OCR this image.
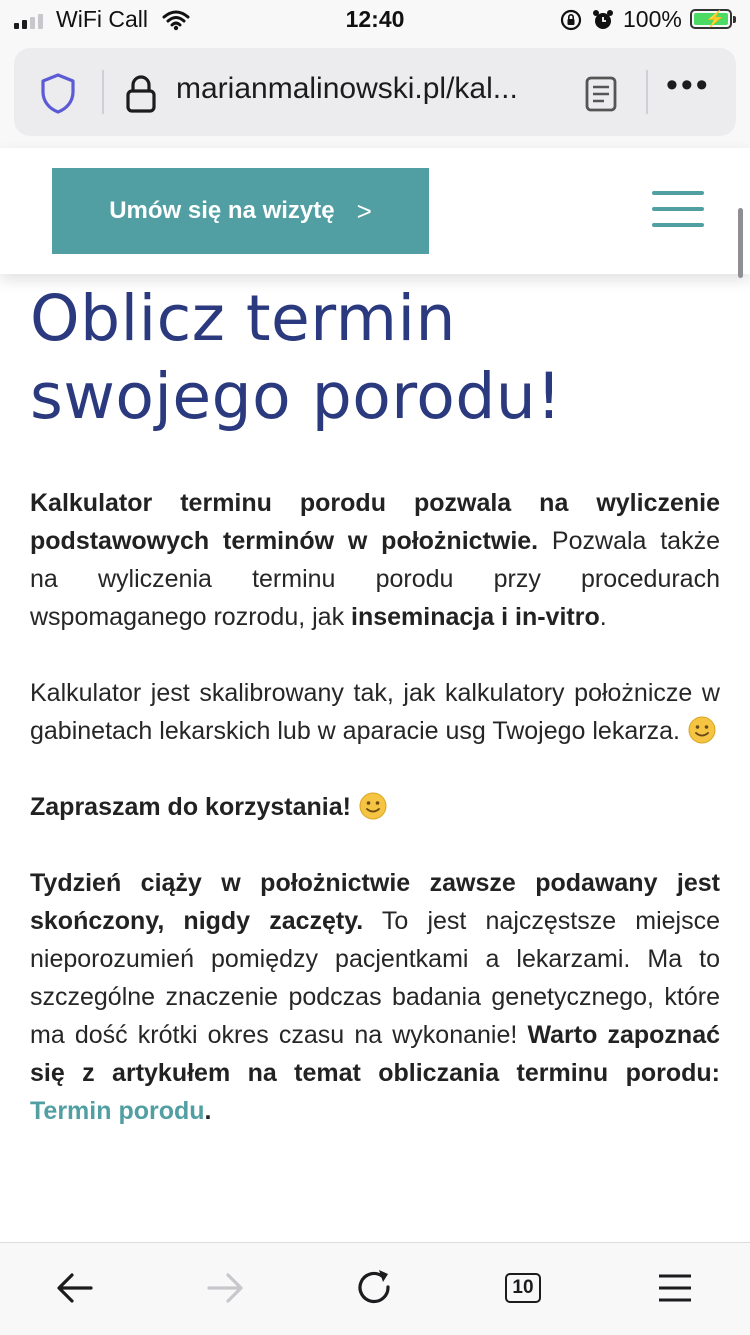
WiFi Call	12:40	100% ⚡
marianmalinowski.pl/kal...	•••
Umów się na wizytę >
Oblicz termin swojego porodu!

Kalkulator terminu porodu pozwala na wyliczenie podstawowych terminów w położnictwie. Pozwala także na wyliczenia terminu porodu przy procedurach wspomaganego rozrodu, jak inseminacja i in-vitro.

Kalkulator jest skalibrowany tak, jak kalkulatory położnicze w gabinetach lekarskich lub w aparacie usg Twojego lekarza.

Zapraszam do korzystania!

Tydzień ciąży w położnictwie zawsze podawany jest skończony, nigdy zaczęty. To jest najczęstsze miejsce nieporozumień pomiędzy pacjentkami a lekarzami. Ma to szczególne znaczenie podczas badania genetycznego, które ma dość krótki okres czasu na wykonanie! Warto zapoznać się z artykułem na temat obliczania terminu porodu: Termin porodu.

10
